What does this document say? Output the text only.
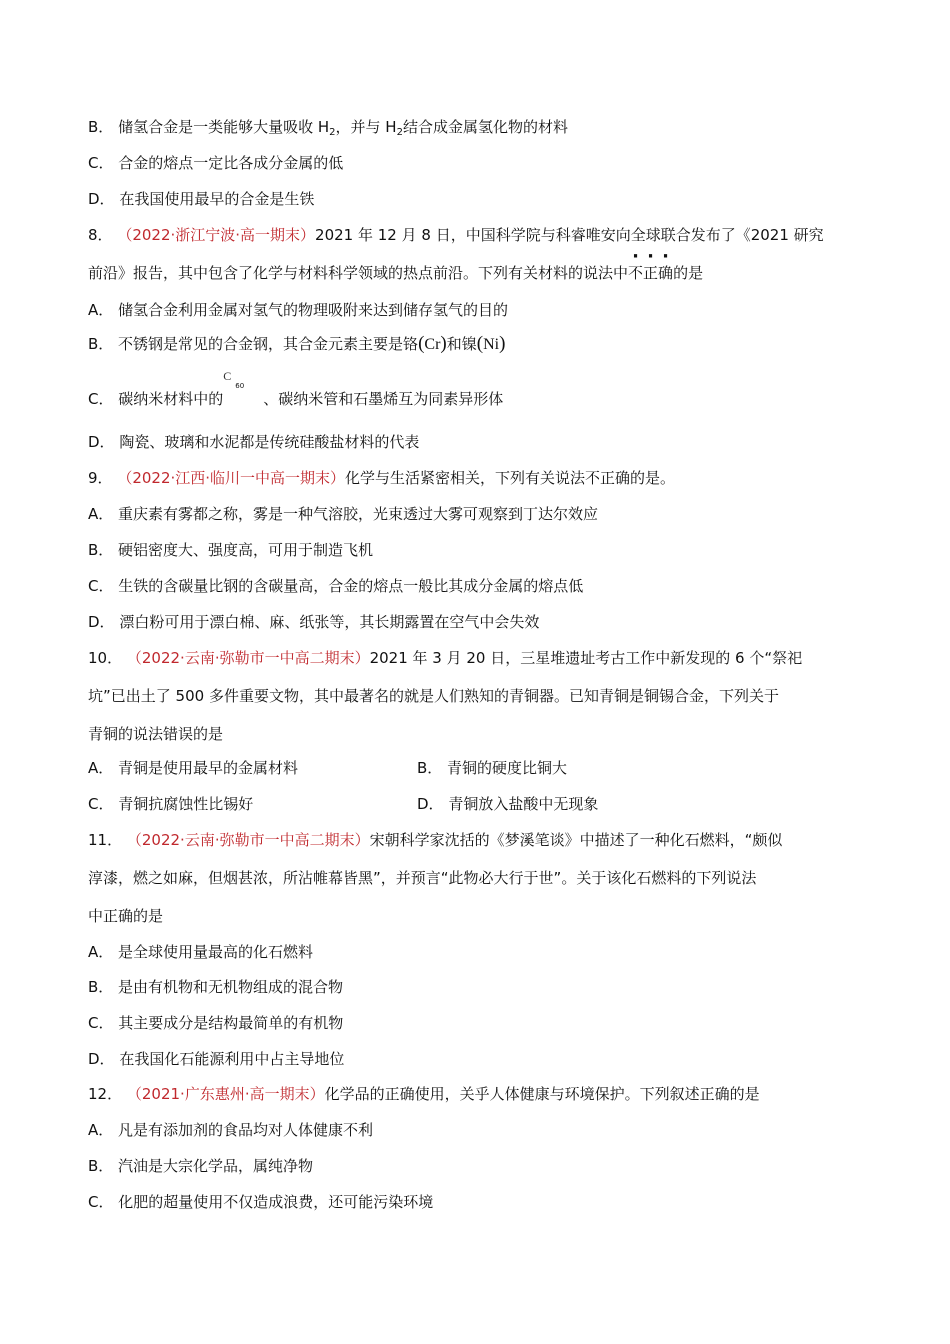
B． 储氢合金是一类能够大量吸收 $H_2$，并与 $H_2$结合成金属氢化物的材料
C． 合金的熔点一定比各成分金属的低
D． 在我国使用最早的合金是生铁
8． （2022·浙江宁波·高一期末）2021 年 12 月 8 日，中国科学院与科睿唯安向全球联合发布了《2021 研究
前沿》报告，其中包含了化学与材料科学领域的热点前沿。下列有关材料的说法中不正确的是
A． 储氢合金利用金属对氢气的物理吸附来达到储存氢气的目的
B． 不锈钢是常见的合金钢，其合金元素主要是铬(Cr)和镍(Ni)
C． 碳纳米材料中的
C
60
、碳纳米管和石墨烯互为同素异形体
D． 陶瓷、玻璃和水泥都是传统硅酸盐材料的代表
9． （2022·江西·临川一中高一期末）化学与生活紧密相关，下列有关说法不正确的是。
A． 重庆素有雾都之称，雾是一种气溶胶，光束透过大雾可观察到丁达尔效应
B． 硬铝密度大、强度高，可用于制造飞机
C． 生铁的含碳量比钢的含碳量高，合金的熔点一般比其成分金属的熔点低
D． 漂白粉可用于漂白棉、麻、纸张等，其长期露置在空气中会失效
10． （2022·云南·弥勒市一中高二期末）2021 年 3 月 20 日，三星堆遗址考古工作中新发现的 6 个“祭祀
坑”已出土了 500 多件重要文物，其中最著名的就是人们熟知的青铜器。已知青铜是铜锡合金，下列关于
青铜的说法错误的是
A． 青铜是使用最早的金属材料	B． 青铜的硬度比铜大
C． 青铜抗腐蚀性比锡好	D． 青铜放入盐酸中无现象
11． （2022·云南·弥勒市一中高二期末）宋朝科学家沈括的《梦溪笔谈》中描述了一种化石燃料，“颇似
淳漆，燃之如麻，但烟甚浓，所沾帷幕皆黑”，并预言“此物必大行于世”。关于该化石燃料的下列说法
中正确的是
A． 是全球使用量最高的化石燃料
B． 是由有机物和无机物组成的混合物
C． 其主要成分是结构最简单的有机物
D． 在我国化石能源利用中占主导地位
12． （2021·广东惠州·高一期末）化学品的正确使用，关乎人体健康与环境保护。下列叙述正确的是
A． 凡是有添加剂的食品均对人体健康不利
B． 汽油是大宗化学品，属纯净物
C． 化肥的超量使用不仅造成浪费，还可能污染环境
